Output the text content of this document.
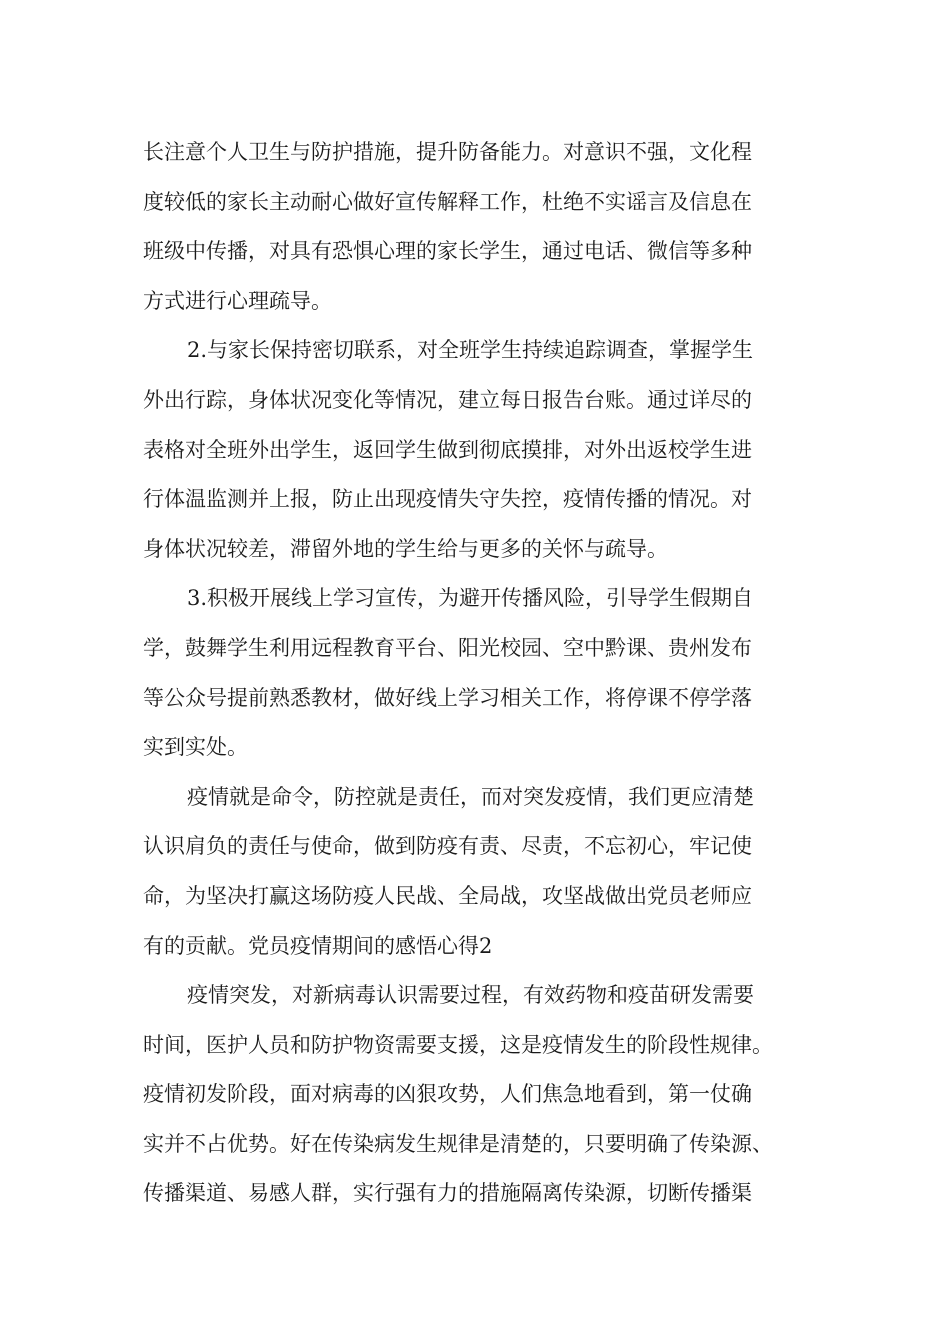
长注意个人卫生与防护措施，提升防备能力。对意识不强，文化程
度较低的家长主动耐心做好宣传解释工作，杜绝不实谣言及信息在
班级中传播，对具有恐惧心理的家长学生，通过电话、微信等多种
方式进行心理疏导。
2.与家长保持密切联系，对全班学生持续追踪调查，掌握学生
外出行踪，身体状况变化等情况，建立每日报告台账。通过详尽的
表格对全班外出学生，返回学生做到彻底摸排，对外出返校学生进
行体温监测并上报，防止出现疫情失守失控，疫情传播的情况。对
身体状况较差，滞留外地的学生给与更多的关怀与疏导。
3.积极开展线上学习宣传，为避开传播风险，引导学生假期自
学，鼓舞学生利用远程教育平台、阳光校园、空中黔课、贵州发布
等公众号提前熟悉教材，做好线上学习相关工作，将停课不停学落
实到实处。
疫情就是命令，防控就是责任，而对突发疫情，我们更应清楚
认识肩负的责任与使命，做到防疫有责、尽责，不忘初心，牢记使
命，为坚决打赢这场防疫人民战、全局战，攻坚战做出党员老师应
有的贡献。党员疫情期间的感悟心得2
疫情突发，对新病毒认识需要过程，有效药物和疫苗研发需要
时间，医护人员和防护物资需要支援，这是疫情发生的阶段性规律。
疫情初发阶段，面对病毒的凶狠攻势，人们焦急地看到，第一仗确
实并不占优势。好在传染病发生规律是清楚的，只要明确了传染源、
传播渠道、易感人群，实行强有力的措施隔离传染源，切断传播渠
